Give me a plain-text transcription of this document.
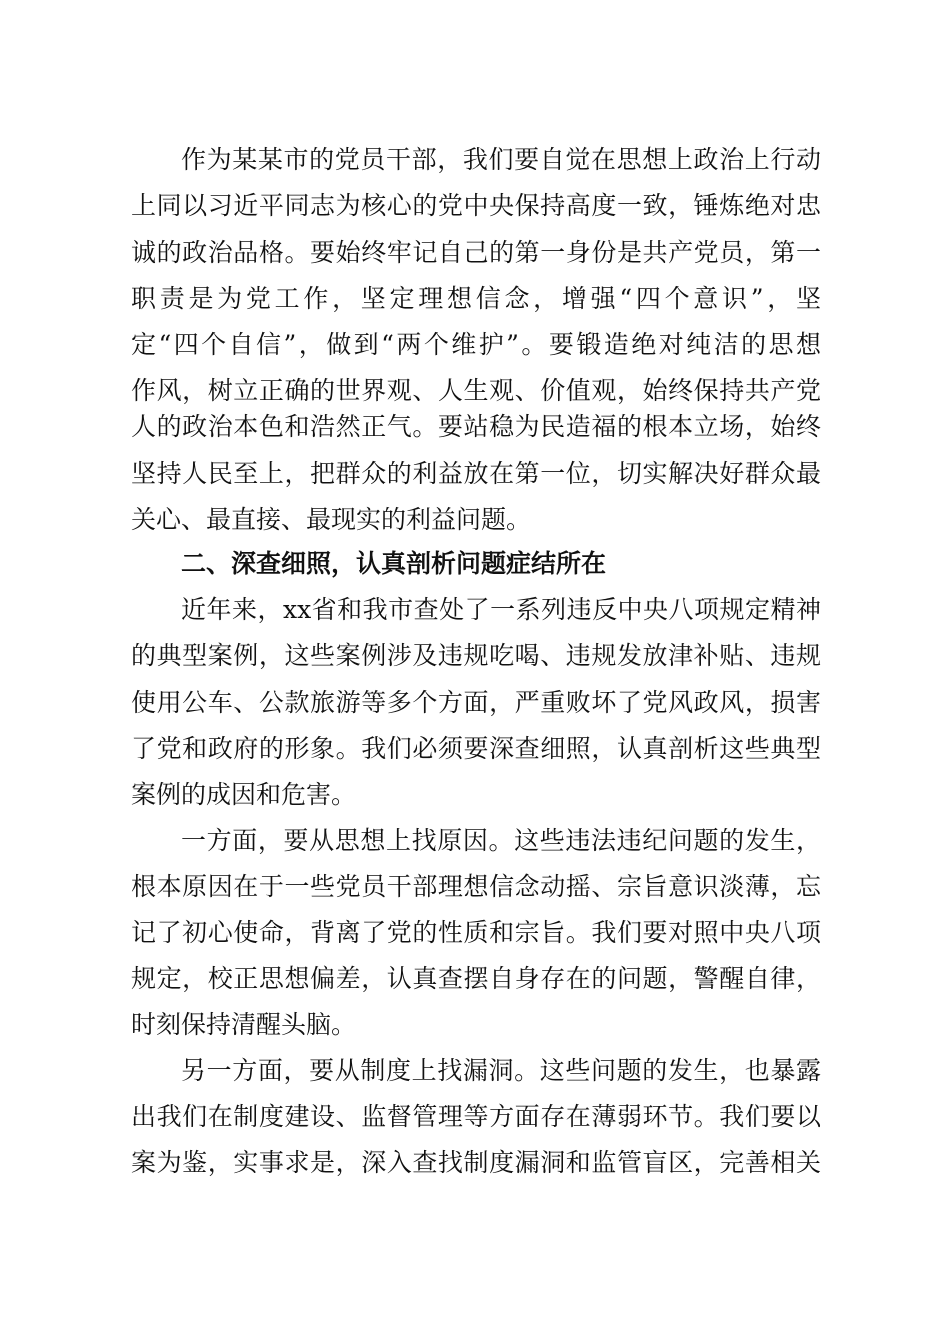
作为某某市的党员干部，我们要自觉在思想上政治上行动
上同以习近平同志为核心的党中央保持高度一致，锤炼绝对忠
诚的政治品格。要始终牢记自己的第一身份是共产党员，第一
职责是为党工作，坚定理想信念，增强“四个意识”，坚
定“四个自信”，做到“两个维护”。要锻造绝对纯洁的思想
作风，树立正确的世界观、人生观、价值观，始终保持共产党
人的政治本色和浩然正气。要站稳为民造福的根本立场，始终
坚持人民至上，把群众的利益放在第一位，切实解决好群众最
关心、最直接、最现实的利益问题。
二、深查细照，认真剖析问题症结所在
近年来，xx省和我市查处了一系列违反中央八项规定精神
的典型案例，这些案例涉及违规吃喝、违规发放津补贴、违规
使用公车、公款旅游等多个方面，严重败坏了党风政风，损害
了党和政府的形象。我们必须要深查细照，认真剖析这些典型
案例的成因和危害。
一方面，要从思想上找原因。这些违法违纪问题的发生，
根本原因在于一些党员干部理想信念动摇、宗旨意识淡薄，忘
记了初心使命，背离了党的性质和宗旨。我们要对照中央八项
规定，校正思想偏差，认真查摆自身存在的问题，警醒自律，
时刻保持清醒头脑。
另一方面，要从制度上找漏洞。这些问题的发生，也暴露
出我们在制度建设、监督管理等方面存在薄弱环节。我们要以
案为鉴，实事求是，深入查找制度漏洞和监管盲区，完善相关
